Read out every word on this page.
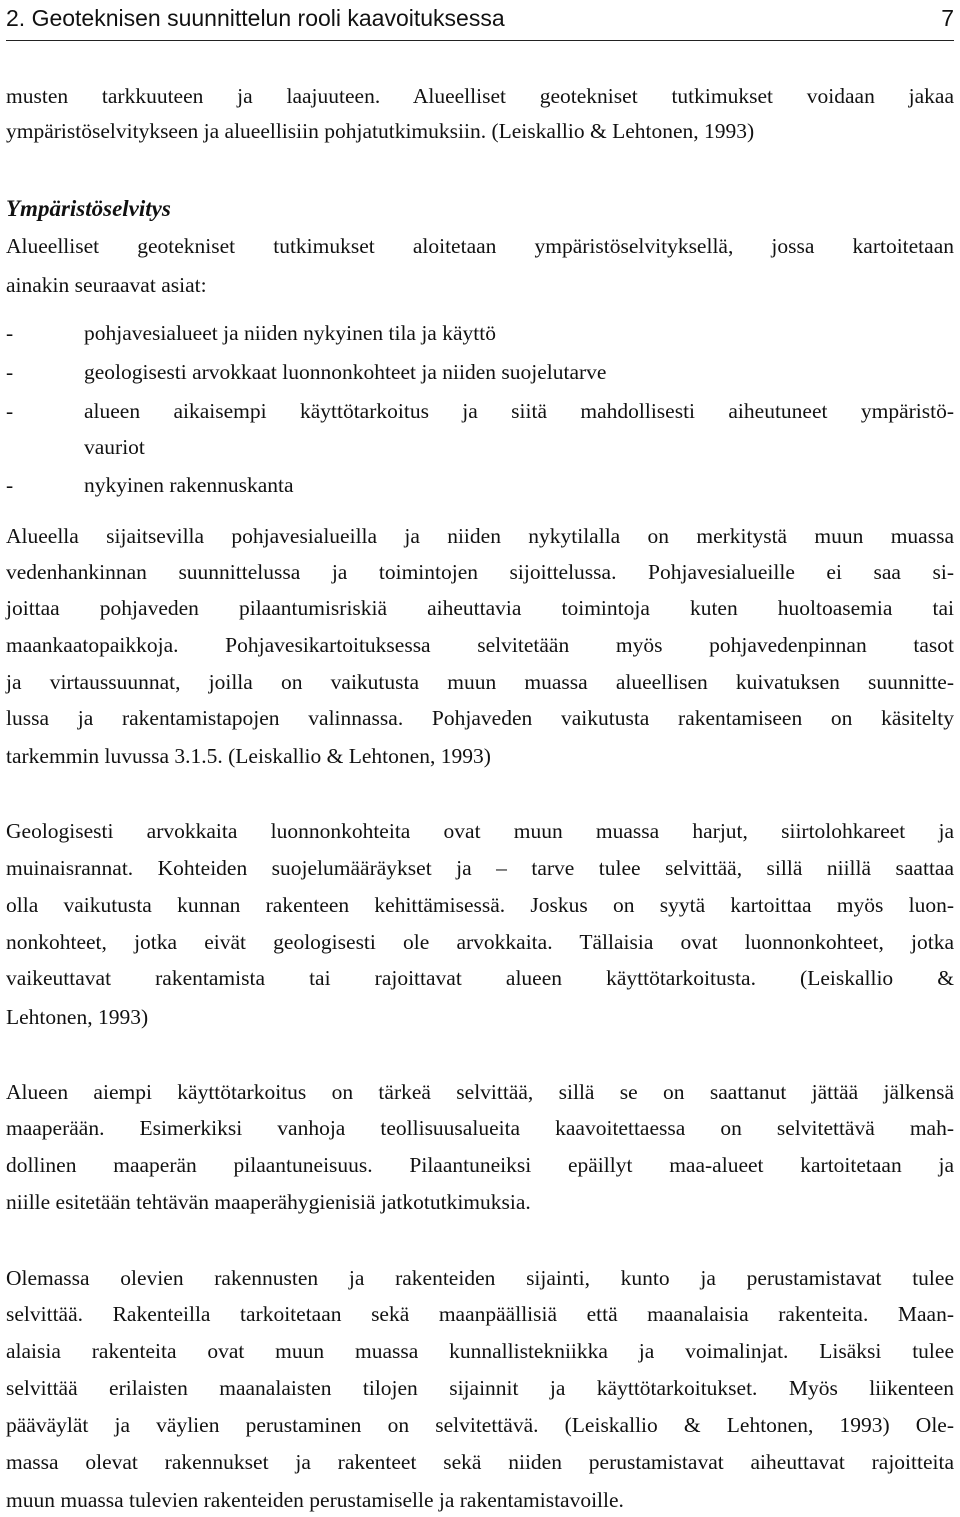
2. Geoteknisen suunnittelun rooli kaavoituksessa	7
musten tarkkuuteen ja laajuuteen. Alueelliset geotekniset tutkimukset voidaan jakaa
ympäristöselvitykseen ja alueellisiin pohjatutkimuksiin. (Leiskallio & Lehtonen, 1993)
Ympäristöselvitys
Alueelliset geotekniset tutkimukset aloitetaan ympäristöselvityksellä, jossa kartoitetaan
ainakin seuraavat asiat:
-	pohjavesialueet ja niiden nykyinen tila ja käyttö
-	geologisesti arvokkaat luonnonkohteet ja niiden suojelutarve
-	alueen aikaisempi käyttötarkoitus ja siitä mahdollisesti aiheutuneet ympäristö-
vauriot
-	nykyinen rakennuskanta
Alueella sijaitsevilla pohjavesialueilla ja niiden nykytilalla on merkitystä muun muassa
vedenhankinnan suunnittelussa ja toimintojen sijoittelussa. Pohjavesialueille ei saa si-
joittaa pohjaveden pilaantumisriskiä aiheuttavia toimintoja kuten huoltoasemia tai
maankaatopaikkoja. Pohjavesikartoituksessa selvitetään myös pohjavedenpinnan tasot
ja virtaussuunnat, joilla on vaikutusta muun muassa alueellisen kuivatuksen suunnitte-
lussa ja rakentamistapojen valinnassa. Pohjaveden vaikutusta rakentamiseen on käsitelty
tarkemmin luvussa 3.1.5. (Leiskallio & Lehtonen, 1993)
Geologisesti arvokkaita luonnonkohteita ovat muun muassa harjut, siirtolohkareet ja
muinaisrannat. Kohteiden suojelumääräykset ja – tarve tulee selvittää, sillä niillä saattaa
olla vaikutusta kunnan rakenteen kehittämisessä. Joskus on syytä kartoittaa myös luon-
nonkohteet, jotka eivät geologisesti ole arvokkaita. Tällaisia ovat luonnonkohteet, jotka
vaikeuttavat rakentamista tai rajoittavat alueen käyttötarkoitusta. (Leiskallio &
Lehtonen, 1993)
Alueen aiempi käyttötarkoitus on tärkeä selvittää, sillä se on saattanut jättää jälkensä
maaperään. Esimerkiksi vanhoja teollisuusalueita kaavoitettaessa on selvitettävä mah-
dollinen maaperän pilaantuneisuus. Pilaantuneiksi epäillyt maa-alueet kartoitetaan ja
niille esitetään tehtävän maaperähygienisiä jatkotutkimuksia.
Olemassa olevien rakennusten ja rakenteiden sijainti, kunto ja perustamistavat tulee
selvittää. Rakenteilla tarkoitetaan sekä maanpäällisiä että maanalaisia rakenteita. Maan-
alaisia rakenteita ovat muun muassa kunnallistekniikka ja voimalinjat. Lisäksi tulee
selvittää erilaisten maanalaisten tilojen sijainnit ja käyttötarkoitukset. Myös liikenteen
pääväylät ja väylien perustaminen on selvitettävä. (Leiskallio & Lehtonen, 1993) Ole-
massa olevat rakennukset ja rakenteet sekä niiden perustamistavat aiheuttavat rajoitteita
muun muassa tulevien rakenteiden perustamiselle ja rakentamistavoille.
